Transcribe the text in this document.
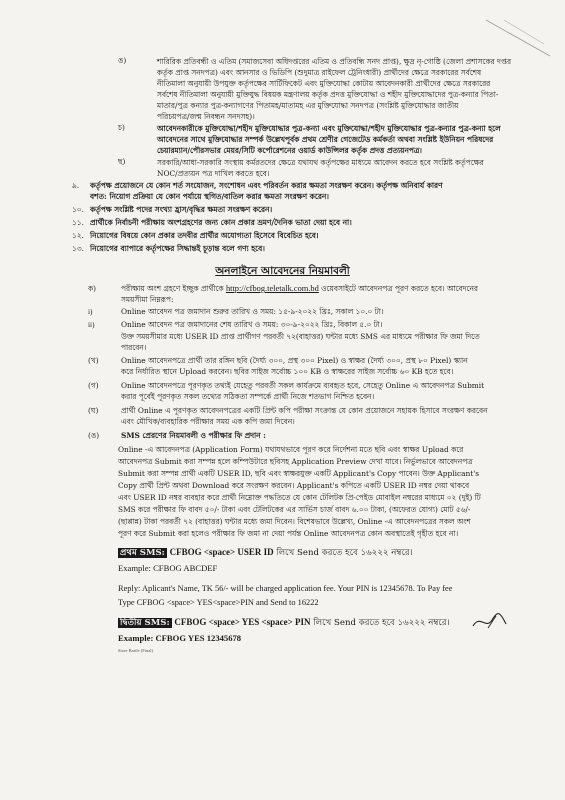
ঙ)	শারিরিক প্রতিবন্ধী ও এতিম (সমাজসেবা অধিদপ্তরের এতিম ও প্রতিবন্ধি সনদ প্রাপ্ত), ক্ষুদ্র নৃ-গোষ্ঠি (জেলা প্রশাসকের দপ্তর
কর্তৃক প্রাপ্ত সনদপত্র) এবং আনসার ও ভিডিপি (শুদুমাত্র রাইফেল ট্রেনিংধারী) প্রার্থীদের ক্ষেত্রে সরকারের সর্বশেষ
নীতিমালা অনুযায়ী উপযুক্ত কর্তৃপক্ষের সার্টিফিকেট এবং মুক্তিযোদ্ধা কোটায় আবেদনকারী প্রার্থীদের ক্ষেত্রে সরকারের
সর্বশেষ নীতিমালা অনুযায়ী মুক্তিযুদ্ধ বিষয়ক মন্ত্রণালয় কর্তৃক প্রদত্ত মুক্তিযোদ্ধা ও শহীদ মুক্তিযোদ্ধাদের পুত্র-কন্যার পিতা-
মাতার/পুত্র কন্যার পুত্র-কন্যাগণের পিতামহ/মাতামহ এর মুক্তিযোদ্ধা সনদপত্র (সংশ্লিষ্ট মুক্তিযোদ্ধার জাতীয়
পরিচয়পত্র/জন্ম নিবন্ধন সনদসহ)।
চ)	আবেদনকারীকে মুক্তিযোদ্ধা/শহীদ মুক্তিযোদ্ধার পুত্র-কন্যা এবং মুক্তিযোদ্ধা/শহীদ মুক্তিযোদ্ধার পুত্র-কন্যার পুত্র-কন্যা হলে
আবেদনের সাথে মুক্তিযোদ্ধার সম্পর্ক উল্লেখপূর্বক প্রথম শ্রেণীর গেজেটেড কর্মকর্তা অথবা সংশ্লিষ্ট ইউনিয়ন পরিষদের
চেয়ারম্যান/পৌরসভার মেয়র/সিটি কর্পোরেশনের ওয়ার্ড কাউন্সিলর কর্তৃক প্রদত্ত প্রত্যয়নপত্র।
ছ)	সরকারি/আধা-সরকারি সংস্থায় কর্মরতদের ক্ষেত্রে যথাযথ কর্তৃপক্ষের মাধ্যমে আবেদন করতে হবে সংশ্লিষ্ট কর্তৃপক্ষের
NOC/প্রত্যয়ন পত্র দাখিল করতে হবে।
৯. কর্তৃপক্ষ প্রয়োজনে যে কোন শর্ত সংযোজন, সংশোধন এবং পরিবর্তন করার ক্ষমতা সংরক্ষণ করেন। কর্তৃপক্ষ অনিবার্য কারণ
বশত: নিয়োগ প্রক্রিয়া যে কোন পর্যায়ে স্থগিত/বাতিল করার ক্ষমতা সংরক্ষণ করেন।
১০. কর্তৃপক্ষ সংশ্লিষ্ট পদের সংখ্যা হ্রাস/বৃদ্ধির ক্ষমতা সংরক্ষণ করেন।
১১. প্রার্থীকে নির্বাচনী পরীক্ষায় অংশগ্রহণের জন্য কোন প্রকার ভ্রমণ/দৈনিক ভাতা দেয়া হবে না।
১২. নিয়োগের বিষয়ে কোন প্রকার তদবীর প্রার্থীর অযোগ্যতা হিসেবে বিবেচিত হবে।
১৩. নিয়োগের ব্যাপারে কর্তৃপক্ষের সিদ্ধান্তই চূড়ান্ত বলে গণ্য হবে।
অনলাইনে আবেদনের নিয়মাবলী
ক)	পরীক্ষায় অংশ গ্রহণে ইচ্ছুক প্রার্থীকে http://cfbog.teletalk.com.bd ওয়েবসাইটে আবেদনপত্র পূরণ করতে হবে। আবেদনের
সময়সীমা নিম্নরূপ:
i)	Online আবেদন পত্র জমাদান শুরুর তারিখ ও সময়: ১৫-৯-২০২২ খ্রিঃ, সকাল ১০.০ টা।
ii)	Online আবেদন পত্র জমাদানের শেষ তারিখ ও সময়: ৩০-৯-২০২২ খ্রিঃ, বিকাল ৫.০ টা।
উক্ত সময়সীমার মধ্যে USER ID প্রাপ্ত প্রার্থীগণ পরবর্তী ৭২(বাহাত্তর) ঘন্টার মধ্যে SMS এর মাধ্যমে পরীক্ষার ফি জমা দিতে
পারবেন।
(খ)	Online আবেদনপত্রে প্রার্থী তার রঙ্গিন ছবি (দৈর্ঘ্য ৩০০, প্রস্থ ৩০০ Pixel) ও স্বাক্ষর (দৈর্ঘ্য ৩০০, প্রস্থ ৮০ Pixel) স্ক্যান
করে নির্ধারিত স্থানে Upload করবেন। ছবির সাইজ সর্বোচ্চ ১০০ KB ও স্বাক্ষরের সাইজ সর্বোচ্চ ৬০ KB হতে হবে।
(গ)	Online আবেদনপত্রে পূরণকৃত তথ্যই যেহেতু পরবর্তী সকল কার্যক্রমে ব্যবহৃত হবে, সেহেতু Online এ আবেদনপত্র Submit
করার পূর্বেই পূরণকৃত সকল তথ্যের সঠিকতা সম্পর্কে প্রার্থী নিজে শতভাগ নিশ্চিত হবেন।
(ঘ)	প্রার্থী Online এ পূরণকৃত আবেদনপত্রের একটি প্রিন্ট কপি পরীক্ষা সংক্রান্ত যে কোন প্রয়োজনে সহায়ক হিসাবে সংরক্ষণ করবেন
এবং মৌখিক/ব্যবহারিক পরীক্ষার সময় এক কপি জমা দিবেন।
(ঙ)	SMS প্রেরণের নিয়মাবলী ও পরীক্ষার ফি প্রদান :
Online -এ আবেদনপত্র (Application Form) যথাযথভাবে পূরণ করে নির্দেশনা মতে ছবি এবং স্বাক্ষর Upload করে
আবেদনপত্র Submit করা সম্পন্ন হলে কম্পিউটারে ছবিসহ Application Preview দেখা যাবে। নির্ভুলভাবে আবেদনপত্র
Submit করা সম্পন্ন প্রার্থী একটি USER ID, ছবি এবং স্বাক্ষরযুক্ত একটি Applicant's Copy পাবেন। উক্ত Applicant's
Copy প্রার্থী প্রিন্ট অথবা Download করে সংরক্ষণ করবেন। Applicant's কপিতে একটি USER ID নম্বর দেয়া থাকবে
এবং USER ID নম্বর ব্যবহার করে প্রার্থী নিম্নোক্ত পদ্ধতিতে যে কোন টেলিটক প্রি-পেইড মোবাইল নম্বরের মাধ্যমে ০২ (দুই) টি
SMS করে পরীক্ষার ফি বাবদ ৫০/- টাকা এবং টেলিটকের এর সার্ভিস চার্জ বাবদ ৬.০০ টাকা, (অফেরত যোগ্য) মোট ৫৬/-
(ছাপ্পান্ন) টাকা পরবর্তী ৭২ (বাহাত্তর) ঘন্টার মধ্যে জমা দিবেন। বিশেষভাবে উল্লেখ্য, Online -এ আবেদনপত্রের সকল অংশ
পূরণ করে Submit করা হলেও পরীক্ষার ফি জমা না দেয়া পর্যন্ত Online আবেদনপত্র কোন অবস্থাতেই গৃহীত হবে না।
প্রথম SMS: CFBOG <space> USER ID লিখে Send করতে হবে ১৬২২২ নম্বরে।
Example: CFBOG ABCDEF
Reply: Aplicant's Name, TK 56/- will be charged application fee. Your PIN is 12345678. To Pay fee
Type CFBOG <space> YES<space>PIN and Send to 16222
দ্বিতীয় SMS: CFBOG <space> YES <space> PIN লিখে Send করতে হবে ১৬২২২ নম্বরে।
Example: CFBOG YES 12345678
Store Bartle (Final)
